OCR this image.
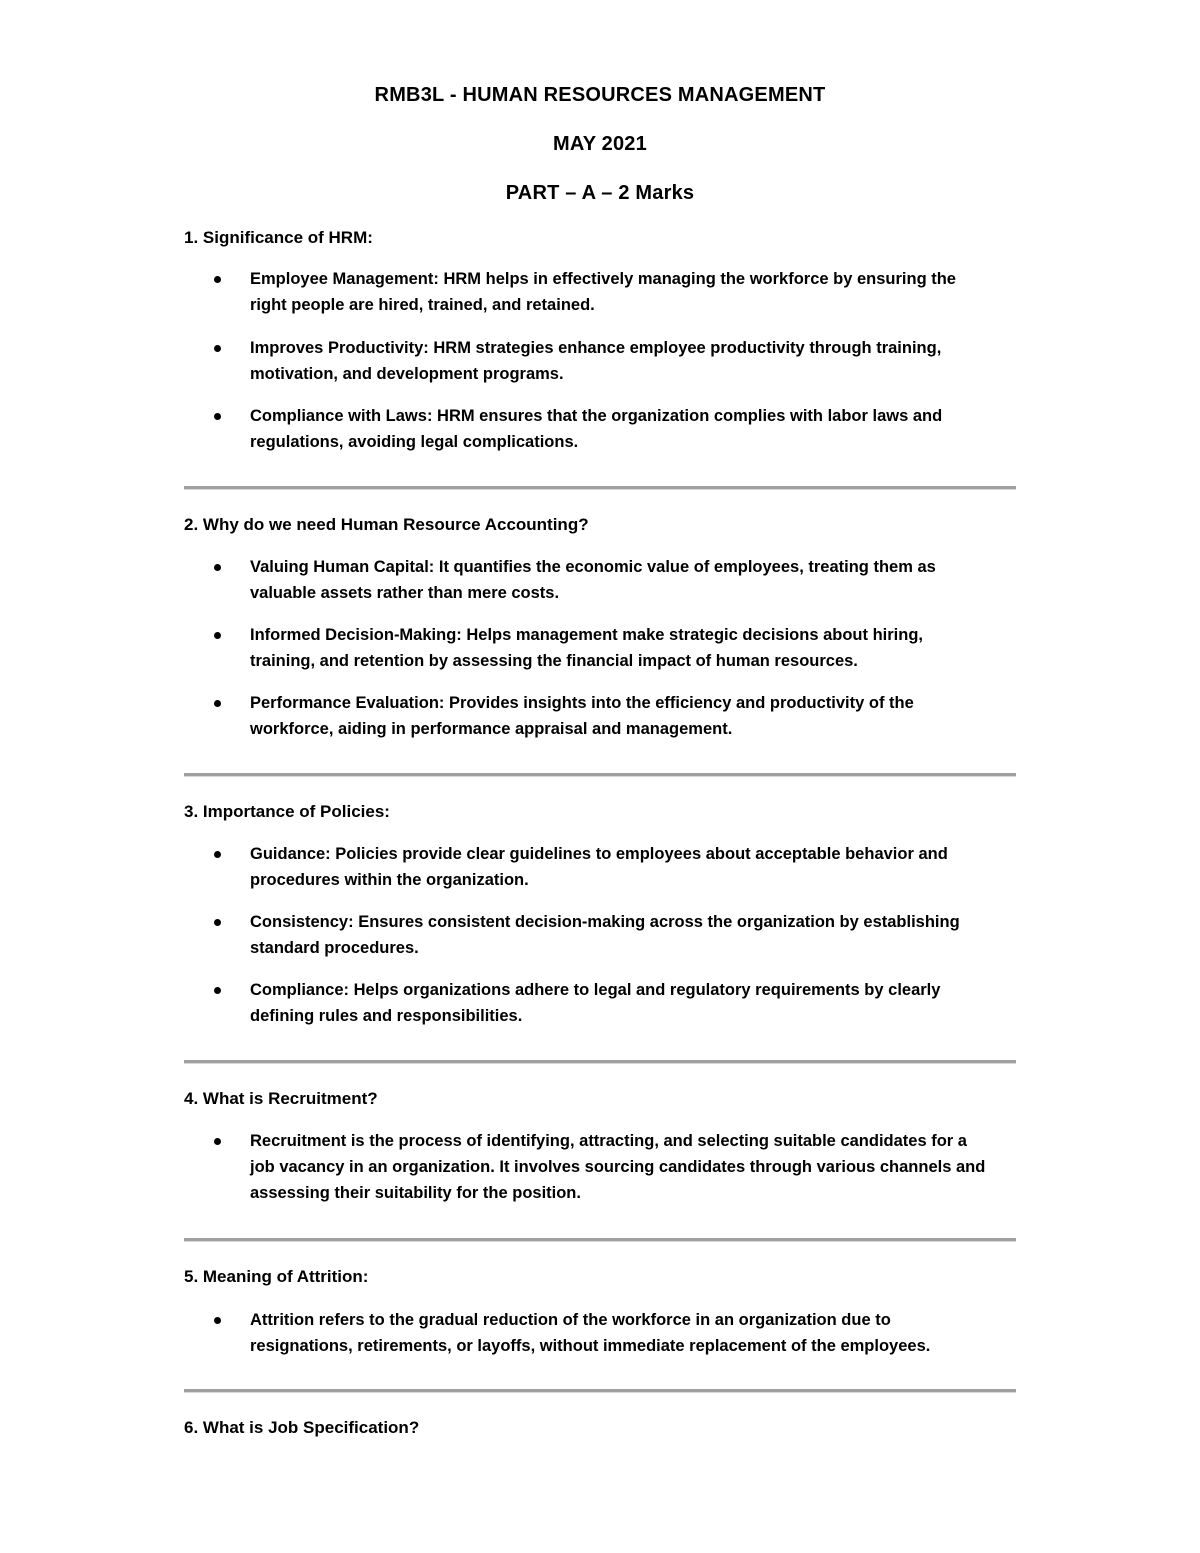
RMB3L - HUMAN RESOURCES MANAGEMENT
MAY 2021
PART – A – 2 Marks
1. Significance of HRM:
Employee Management: HRM helps in effectively managing the workforce by ensuring the
right people are hired, trained, and retained.
Improves Productivity: HRM strategies enhance employee productivity through training,
motivation, and development programs.
Compliance with Laws: HRM ensures that the organization complies with labor laws and
regulations, avoiding legal complications.
2. Why do we need Human Resource Accounting?
Valuing Human Capital: It quantifies the economic value of employees, treating them as
valuable assets rather than mere costs.
Informed Decision-Making: Helps management make strategic decisions about hiring,
training, and retention by assessing the financial impact of human resources.
Performance Evaluation: Provides insights into the efficiency and productivity of the
workforce, aiding in performance appraisal and management.
3. Importance of Policies:
Guidance: Policies provide clear guidelines to employees about acceptable behavior and
procedures within the organization.
Consistency: Ensures consistent decision-making across the organization by establishing
standard procedures.
Compliance: Helps organizations adhere to legal and regulatory requirements by clearly
defining rules and responsibilities.
4. What is Recruitment?
Recruitment is the process of identifying, attracting, and selecting suitable candidates for a
job vacancy in an organization. It involves sourcing candidates through various channels and
assessing their suitability for the position.
5. Meaning of Attrition:
Attrition refers to the gradual reduction of the workforce in an organization due to
resignations, retirements, or layoffs, without immediate replacement of the employees.
6. What is Job Specification?
